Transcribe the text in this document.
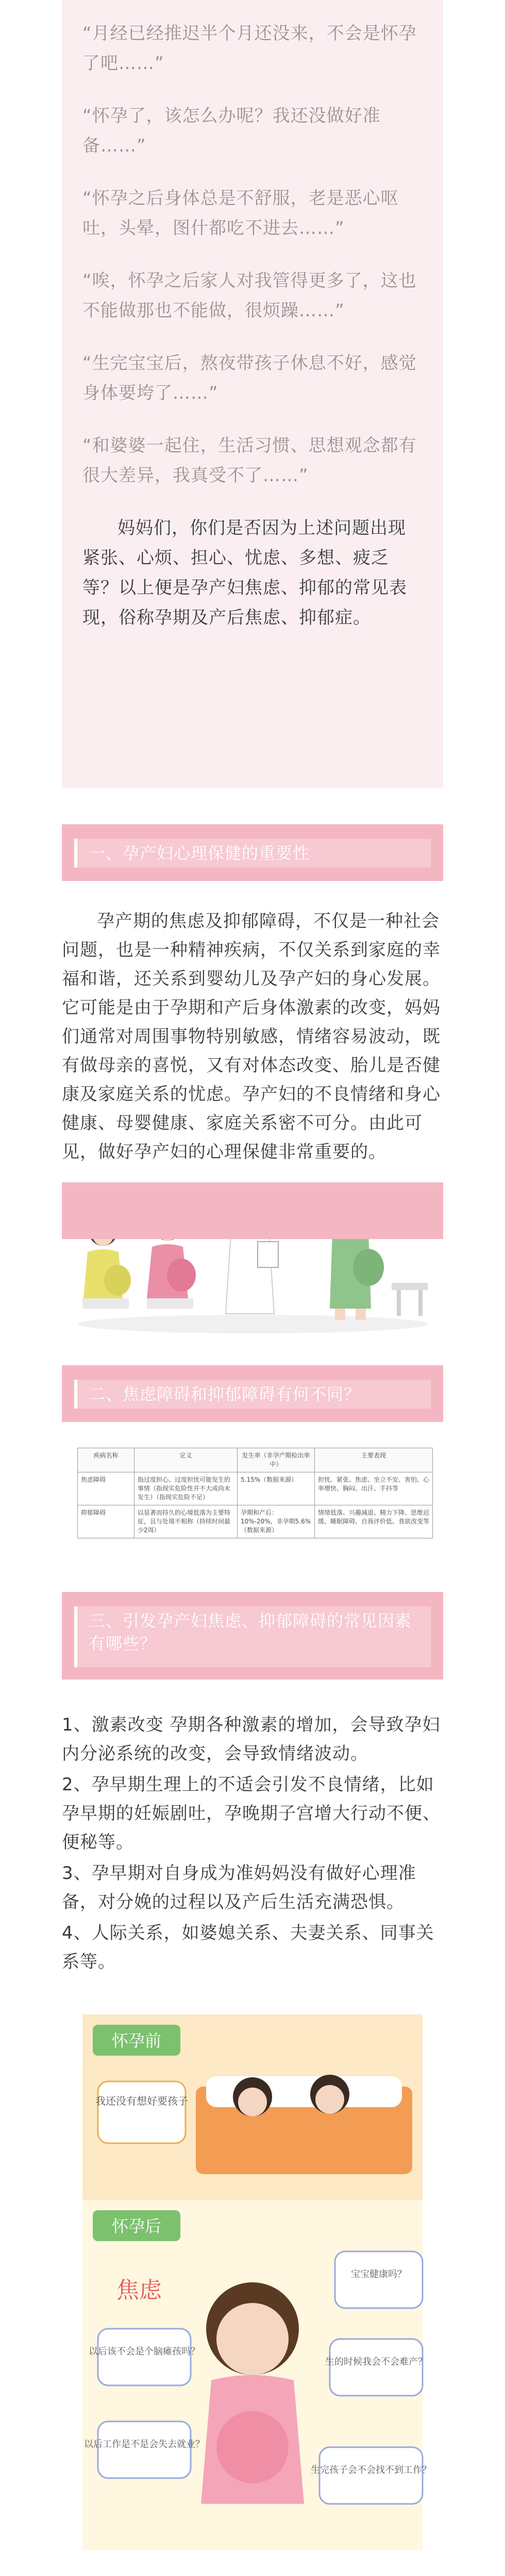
“月经已经推迟半个月还没来，不会是怀孕了吧……”

“怀孕了，该怎么办呢？我还没做好准备……”

“怀孕之后身体总是不舒服，老是恶心呕吐，头晕，图什都吃不进去……”

“唉，怀孕之后家人对我管得更多了，这也不能做那也不能做，很烦躁……”

“生完宝宝后，熬夜带孩子休息不好，感觉身体要垮了……”

“和婆婆一起住，生活习惯、思想观念都有很大差异，我真受不了……”

妈妈们，你们是否因为上述问题出现紧张、心烦、担心、忧虑、多想、疲乏等？以上便是孕产妇焦虑、抑郁的常见表现，俗称孕期及产后焦虑、抑郁症。

一、孕产妇心理保健的重要性
孕产期的焦虑及抑郁障碍，不仅是一种社会问题，也是一种精神疾病，不仅关系到家庭的幸福和谐，还关系到婴幼儿及孕产妇的身心发展。它可能是由于孕期和产后身体激素的改变，妈妈们通常对周围事物特别敏感，情绪容易波动，既有做母亲的喜悦，又有对体态改变、胎儿是否健康及家庭关系的忧虑。孕产妇的不良情绪和身心健康、母婴健康、家庭关系密不可分。由此可见，做好孕产妇的心理保健非常重要的。
二、焦虑障碍和抑郁障碍有何不同？
疾病名称	定义	发生率（非孕产期检出率中）	主要表现
焦虑障碍	指过度担心、过度担忧可能发生的事情（指现实危险性并不大或尚未发生）（指现实危险不足）	5.15%（数据来源）	担忧、紧张、焦虑、坐立不安、害怕、心率增快、胸闷、出汗、手抖等
抑郁障碍	以显著而持久的心境低落为主要特征，且与处境不相称（持续时间最少2周）	孕期和产后：10%-20%，非孕期5.6%（数据来源）	情绪低落、兴趣减退、精力下降、思维迟缓、睡眠障碍、自我评价低、食欲改变等
三、引发孕产妇焦虑、抑郁障碍的常见因素有哪些？

1、激素改变 孕期各种激素的增加，会导致孕妇内分泌系统的改变，会导致情绪波动。

2、孕早期生理上的不适会引发不良情绪，比如孕早期的妊娠剧吐，孕晚期子宫增大行动不便、便秘等。

3、孕早期对自身成为准妈妈没有做好心理准备，对分娩的过程以及产后生活充满恐惧。

4、人际关系，如婆媳关系、夫妻关系、同事关系等。

怀孕前
我还没有想好要孩子
怀孕后
焦虑
宝宝健康吗？
以后该不会是个脑瘫孩吗？
生的时候我会不会难产？
以后工作是不是会失去就业？
生完孩子会不会找不到工作？
